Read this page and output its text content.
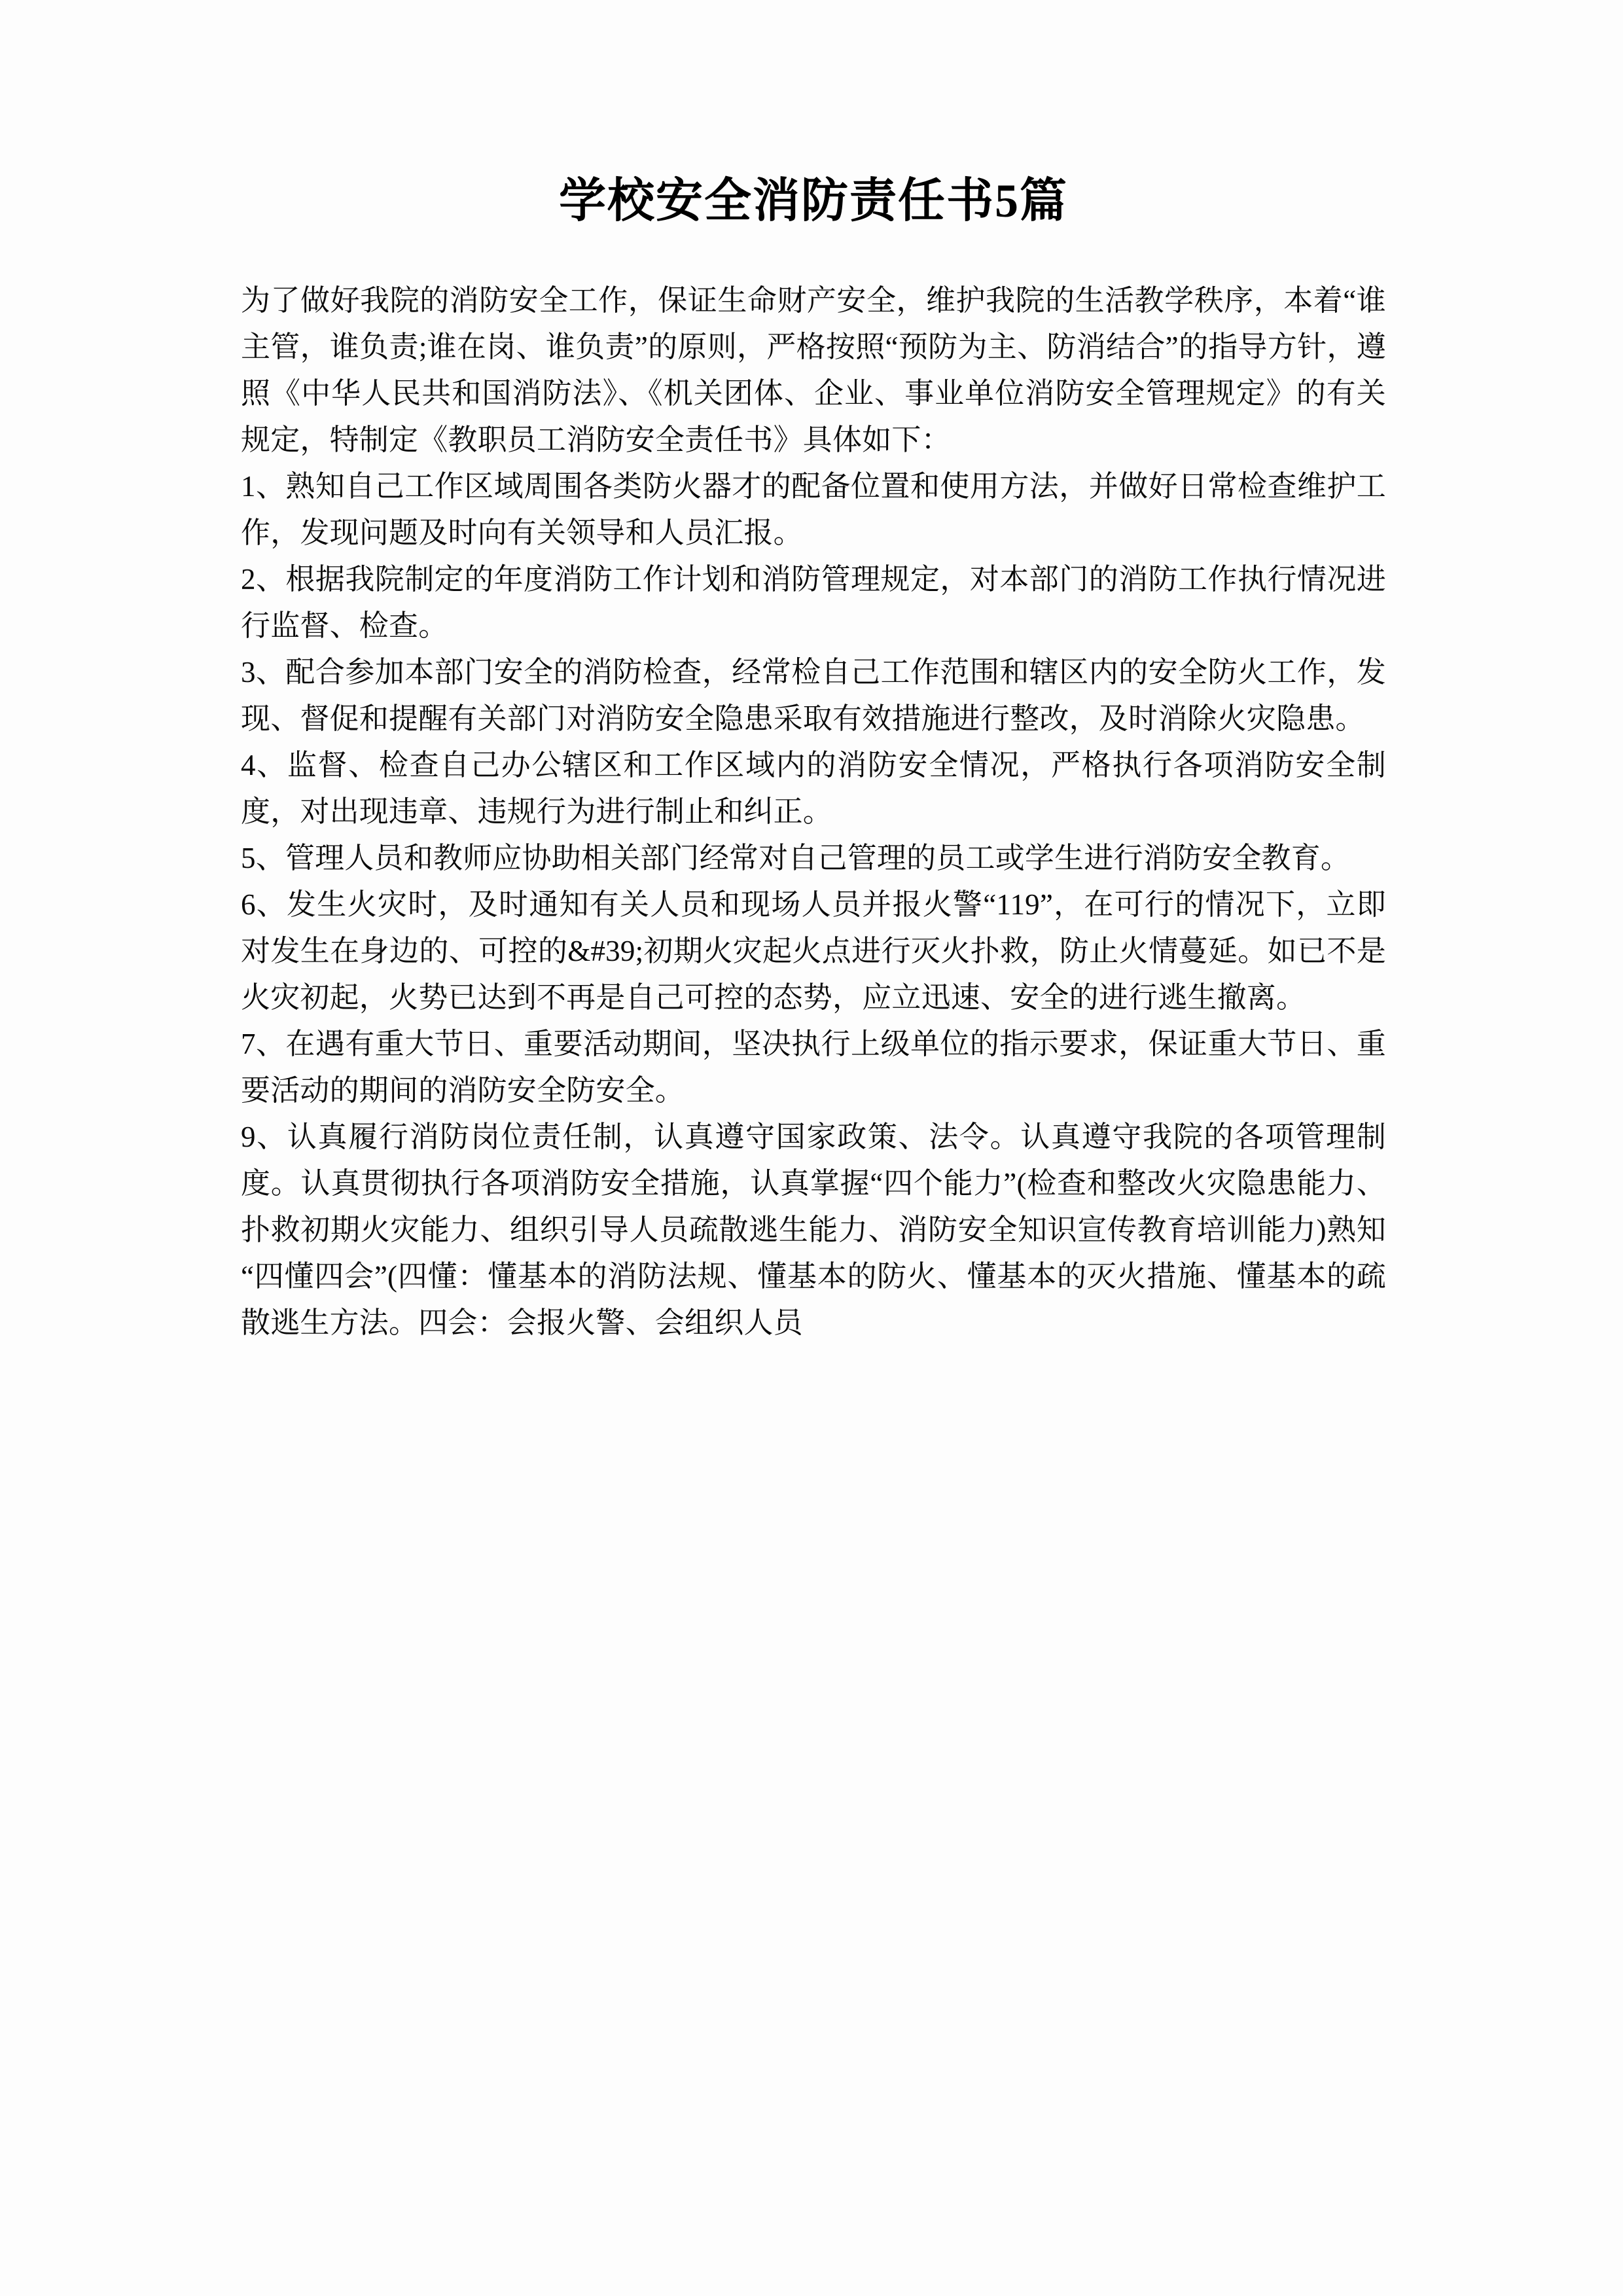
学校安全消防责任书5篇

为了做好我院的消防安全工作，保证生命财产安全，维护我院的生活教学秩序，本着“谁主管，谁负责;谁在岗、谁负责”的原则，严格按照“预防为主、防消结合”的指导方针，遵照《中华人民共和国消防法》、《机关团体、企业、事业单位消防安全管理规定》的有关规定，特制定《教职员工消防安全责任书》具体如下：

1、熟知自己工作区域周围各类防火器才的配备位置和使用方法，并做好日常检查维护工作，发现问题及时向有关领导和人员汇报。

2、根据我院制定的年度消防工作计划和消防管理规定，对本部门的消防工作执行情况进行监督、检查。

3、配合参加本部门安全的消防检查，经常检自己工作范围和辖区内的安全防火工作，发现、督促和提醒有关部门对消防安全隐患采取有效措施进行整改，及时消除火灾隐患。

4、监督、检查自己办公辖区和工作区域内的消防安全情况，严格执行各项消防安全制度，对出现违章、违规行为进行制止和纠正。

5、管理人员和教师应协助相关部门经常对自己管理的员工或学生进行消防安全教育。

6、发生火灾时，及时通知有关人员和现场人员并报火警“119”，在可行的情况下，立即对发生在身边的、可控的&#39;初期火灾起火点进行灭火扑救，防止火情蔓延。如已不是火灾初起，火势已达到不再是自己可控的态势，应立迅速、安全的进行逃生撤离。

7、在遇有重大节日、重要活动期间，坚决执行上级单位的指示要求，保证重大节日、重要活动的期间的消防安全防安全。

9、认真履行消防岗位责任制，认真遵守国家政策、法令。认真遵守我院的各项管理制度。认真贯彻执行各项消防安全措施，认真掌握“四个能力”(检查和整改火灾隐患能力、扑救初期火灾能力、组织引导人员疏散逃生能力、消防安全知识宣传教育培训能力)熟知“四懂四会”(四懂：懂基本的消防法规、懂基本的防火、懂基本的灭火措施、懂基本的疏散逃生方法。四会：会报火警、会组织人员
